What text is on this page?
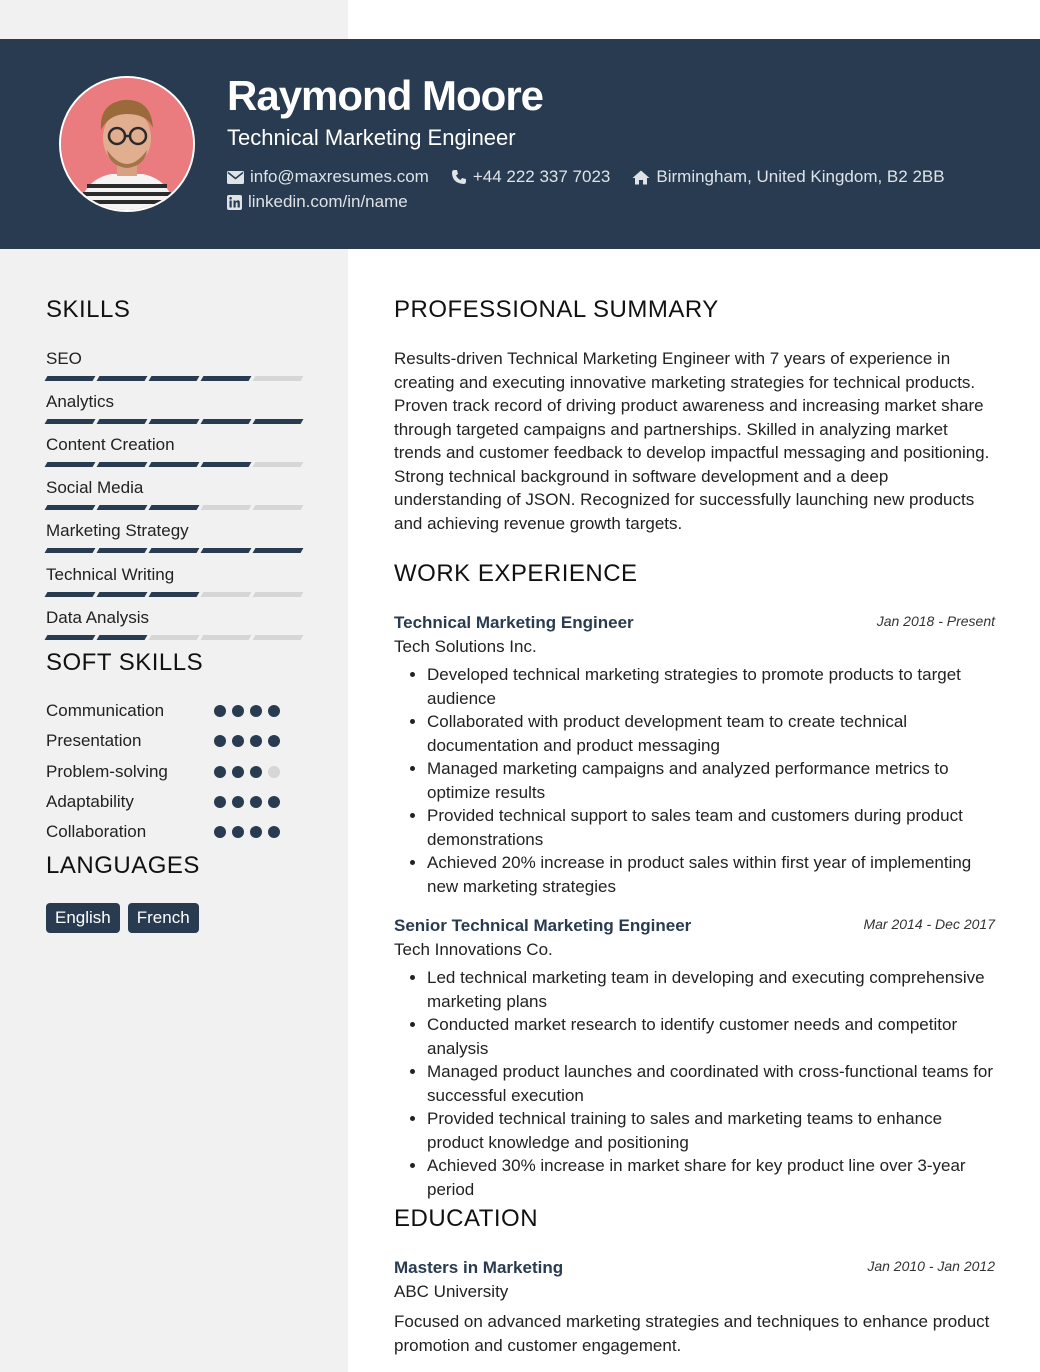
Raymond Moore
Technical Marketing Engineer
info@maxresumes.com	+44 222 337 7023	Birmingham, United Kingdom, B2 2BB
linkedin.com/in/name
SKILLS
SEO
Analytics
Content Creation
Social Media
Marketing Strategy
Technical Writing
Data Analysis
SOFT SKILLS
Communication
Presentation
Problem-solving
Adaptability
Collaboration
LANGUAGES
English	French
PROFESSIONAL SUMMARY

Results-driven Technical Marketing Engineer with 7 years of experience in creating and executing innovative marketing strategies for technical products. Proven track record of driving product awareness and increasing market share through targeted campaigns and partnerships. Skilled in analyzing market trends and customer feedback to develop impactful messaging and positioning. Strong technical background in software development and a deep understanding of JSON. Recognized for successfully launching new products and achieving revenue growth targets.

WORK EXPERIENCE
Technical Marketing Engineer	Jan 2018 - Present
Tech Solutions Inc.
• Developed technical marketing strategies to promote products to target audience
• Collaborated with product development team to create technical documentation and product messaging
• Managed marketing campaigns and analyzed performance metrics to optimize results
• Provided technical support to sales team and customers during product demonstrations
• Achieved 20% increase in product sales within first year of implementing new marketing strategies
Senior Technical Marketing Engineer	Mar 2014 - Dec 2017
Tech Innovations Co.
• Led technical marketing team in developing and executing comprehensive marketing plans
• Conducted market research to identify customer needs and competitor analysis
• Managed product launches and coordinated with cross-functional teams for successful execution
• Provided technical training to sales and marketing teams to enhance product knowledge and positioning
• Achieved 30% increase in market share for key product line over 3-year period
EDUCATION
Masters in Marketing	Jan 2010 - Jan 2012
ABC University

Focused on advanced marketing strategies and techniques to enhance product promotion and customer engagement.
